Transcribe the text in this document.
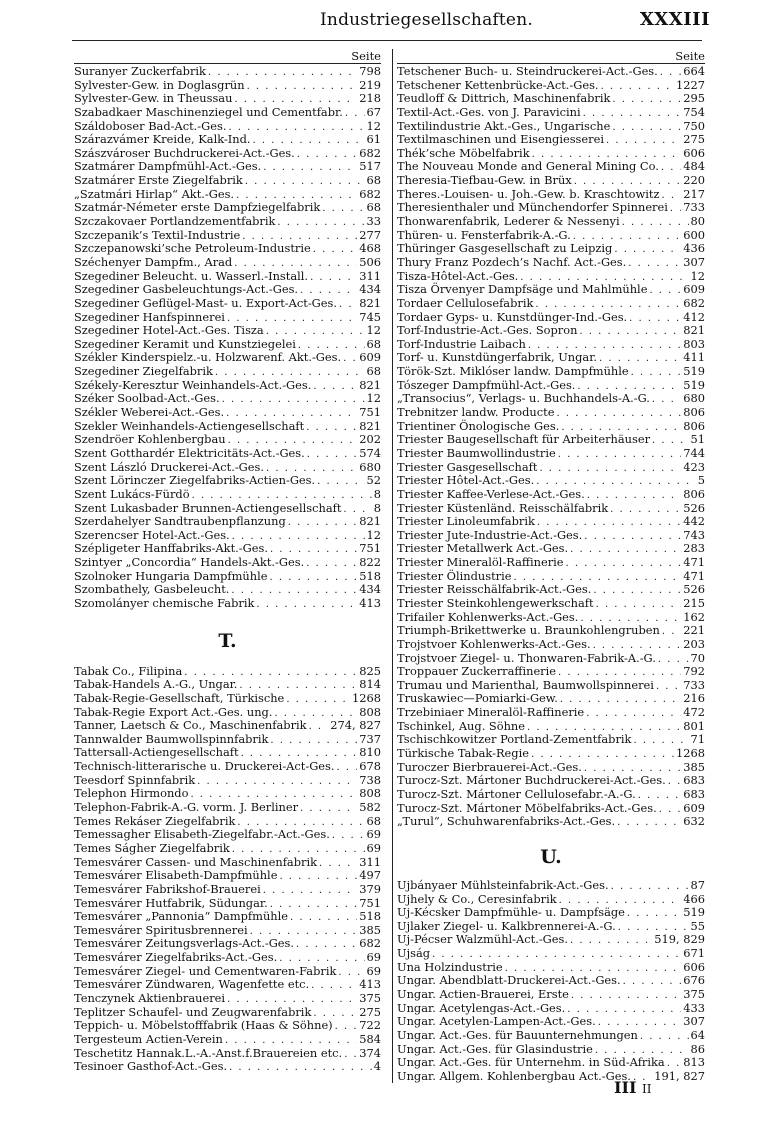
Industriegesellschaften.	XXXIII
Seite
Suranyer Zuckerfabrik . . .	798
Sylvester-Gew. in Doglasgrün . . .	219
Sylvester-Gew. in Theussau . . .	218
Szabadkaer Maschinenziegel und Cementfabr. . . . 67
Száldoboser Bad-Act.-Ges. . . .	12
Szárazvámer Kreide, Kalk-Ind. . . .	61
Szászvároser Buchdruckerei-Act.-Ges. . . .	682
Szatmárer Dampfmühl-Act.-Ges. . . .	517
Szatmárer Erste Ziegelfabrik . . .	68
„Szatmári Hirlap“ Akt.-Ges. . . .	682
Szatmár-Németer erste Dampfziegelfabrik . . .	68
Szczakovaer Portlandzementfabrik . . .	33
Szczepanik’s Textil-Industrie . . .	277
Szczepanowski’sche Petroleum-Industrie . . .	468
Széchenyer Dampfm., Arad . . .	506
Szegediner Beleucht. u. Wasserl.-Install. . . .	311
Szegediner Gasbeleuchtungs-Act.-Ges. . . .	434
Szegediner Geflügel-Mast- u. Export-Act-Ges. . . . 821
Szegediner Hanfspinnerei . . .	745
Szegediner Hotel-Act.-Ges. Tisza . . .	12
Szegediner Keramit und Kunstziegelei . . .	68
Székler Kinderspielz.-u. Holzwarenf. Akt.-Ges. . . . 609
Szegediner Ziegelfabrik . . .	68
Székely-Keresztur Weinhandels-Act.-Ges. . . .	821
Széker Soolbad-Act.-Ges. . . .	12
Székler Weberei-Act.-Ges. . . .	751
Szekler Weinhandels-Actiengesellschaft . . .	821
Szendröer Kohlenbergbau . . .	202
Szent Gotthardér Elektricitäts-Act.-Ges. . . .	574
Szent László Druckerei-Act.-Ges. . . .	680
Szent Lörinczer Ziegelfabriks-Actien-Ges. . . .	52
Szent Lukács-Fürdö . . .	8
Szent Lukasbader Brunnen-Actiengesellschaft . . .	8
Szerdahelyer Sandtraubenpflanzung . . .	821
Szerencser Hotel-Act.-Ges. . . .	12
Szépligeter Hanffabriks-Akt.-Ges. . . .	751
Szintyer „Concordia“ Handels-Akt.-Ges. . . .	822
Szolnoker Hungaria Dampfmühle . . .	518
Szombathely, Gasbeleucht. . . .	434
Szomolányer chemische Fabrik . . .	413
T.
Tabak Co., Filipina . . .	825
Tabak-Handels A.-G., Ungar. . . .	814
Tabak-Regie-Gesellschaft, Türkische . . .	1268
Tabak-Regie Export Act.-Ges. ung. . . .	808
Tanner, Laetsch & Co., Maschinenfabrik . . . 274, 827
Tannwalder Baumwollspinnfabrik . . .	737
Tattersall-Actiengesellschaft . . .	810
Technisch-litterarische u. Druckerei-Act-Ges. . . . 678
Teesdorf Spinnfabrik . . .	738
Telephon Hirmondo . . .	808
Telephon-Fabrik-A.-G. vorm. J. Berliner . . .	582
Temes Rekáser Ziegelfabrik . . .	68
Temessagher Elisabeth-Ziegelfabr.-Act.-Ges. . . .	69
Temes Ságher Ziegelfabrik . . .	69
Temesvárer Cassen- und Maschinenfabrik . . .	311
Temesvárer Elisabeth-Dampfmühle . . .	497
Temesvárer Fabrikshof-Brauerei . . .	379
Temesvárer Hutfabrik, Südungar. . . .	751
Temesvárer „Pannonia“ Dampfmühle . . .	518
Temesvárer Spiritusbrennerei . . .	385
Temesvárer Zeitungsverlags-Act.-Ges. . . .	682
Temesvárer Ziegelfabriks-Act.-Ges. . . .	69
Temesvárer Ziegel- und Cementwaren-Fabrik . . .	69
Temesvárer Zündwaren, Wagenfette etc. . . .	413
Tenczynek Aktienbrauerei . . .	375
Teplitzer Schaufel- und Zeugwarenfabrik . . .	275
Teppich- u. Möbelstofffabrik (Haas & Söhne) . . . 722
Tergesteum Actien-Verein . . .	584
Teschetitz Hannak.L.-A.-Anst.f.Brauereien etc. . . . 374
Tesinoer Gasthof-Act.-Ges. . . .	4
Seite
Tetschener Buch- u. Steindruckerei-Act.-Ges. . . . 664
Tetschener Kettenbrücke-Act.-Ges. . . .	1227
Teudloff & Dittrich, Maschinenfabrik . . .	295
Textil-Act.-Ges. von J. Paravicini . . .	754
Textilindustrie Akt.-Ges., Ungarische . . .	750
Textilmaschinen und Eisengiesserei . . .	275
Thék’sche Möbelfabrik . . .	606
The Nouveau Monde and General Mining Co. . . . 484
Theresia-Tiefbau-Gew. in Brüx . . .	220
Theres.-Louisen- u. Joh.-Gew. b. Kraschtowitz . . . 217
Theresienthaler und Münchendorfer Spinnerei . . . 733
Thonwarenfabrik, Lederer & Nessenyi . . .	80
Thüren- u. Fensterfabrik-A.-G. . . .	600
Thüringer Gasgesellschaft zu Leipzig . . .	436
Thury Franz Pozdech’s Nachf. Act.-Ges. . . .	307
Tisza-Hôtel-Act.-Ges. . . .	12
Tisza Örvenyer Dampfsäge und Mahlmühle . . .	609
Tordaer Cellulosefabrik . . .	682
Tordaer Gyps- u. Kunstdünger-Ind.-Ges. . . .	412
Torf-Industrie-Act.-Ges. Sopron . . .	821
Torf-Industrie Laibach . . .	803
Torf- u. Kunstdüngerfabrik, Ungar. . . .	411
Török-Szt. Miklóser landw. Dampfmühle . . .	519
Tószeger Dampfmühl-Act.-Ges. . . .	519
„Transocius“, Verlags- u. Buchhandels-A.-G. . . .	680
Trebnitzer landw. Producte . . .	806
Trientiner Önologische Ges. . . .	806
Triester Baugesellschaft für Arbeiterhäuser . . .	51
Triester Baumwollindustrie . . .	744
Triester Gasgesellschaft . . .	423
Triester Hôtel-Act.-Ges. . . .	5
Triester Kaffee-Verlese-Act.-Ges. . . .	806
Triester Küstenländ. Reisschälfabrik . . .	526
Triester Linoleumfabrik . . .	442
Triester Jute-Industrie-Act.-Ges. . . .	743
Triester Metallwerk Act.-Ges. . . .	283
Triester Mineralöl-Raffinerie . . .	471
Triester Ölindustrie . . .	471
Triester Reisschälfabrik-Act.-Ges. . . .	526
Triester Steinkohlengewerkschaft . . .	215
Trifailer Kohlenwerks-Act.-Ges. . . .	162
Triumph-Brikettwerke u. Braunkohlengruben . . . 221
Trojstvoer Kohlenwerks-Act.-Ges. . . .	203
Trojstvoer Ziegel- u. Thonwaren-Fabrik-A.-G. . . .	70
Troppauer Zuckerraffinerie . . .	792
Trumau und Marienthal, Baumwollspinnerei . . .	733
Truskawiec—Pomiarki-Gew. . . .	216
Trzebiniaer Mineralöl-Raffinerie . . .	472
Tschinkel, Aug. Söhne . . .	801
Tschischkowitzer Portland-Zementfabrik . . .	71
Türkische Tabak-Regie . . .	1268
Turoczer Bierbrauerei-Act.-Ges. . . .	385
Turocz-Szt. Mártoner Buchdruckerei-Act.-Ges. . . . 683
Turocz-Szt. Mártoner Cellulosefabr.-A.-G. . . .	683
Turocz-Szt. Mártoner Möbelfabriks-Act.-Ges. . . . 609
„Turul“, Schuhwarenfabriks-Act.-Ges. . . .	632
U.
Ujbányaer Mühlsteinfabrik-Act.-Ges. . . .	87
Ujhely & Co., Ceresinfabrik . . .	466
Uj-Kécsker Dampfmühle- u. Dampfsäge . . .	519
Ujlaker Ziegel- u. Kalkbrennerei-A.-G. . . .	55
Uj-Pécser Walzmühl-Act.-Ges. . . .	519, 829
Ujság . . .	671
Una Holzindustrie . . .	606
Ungar. Abendblatt-Druckerei-Act.-Ges. . . .	676
Ungar. Actien-Brauerei, Erste . . .	375
Ungar. Acetylengas-Act.-Ges. . . .	433
Ungar. Acetylen-Lampen-Act.-Ges. . . .	307
Ungar. Act.-Ges. für Bauunternehmungen . . .	64
Ungar. Act.-Ges. für Glasindustrie . . .	86
Ungar. Act.-Ges. für Unternehm. in Süd-Afrika . . . 813
Ungar. Allgem. Kohlenbergbau Act.-Ges. . . . 191, 827
III II
